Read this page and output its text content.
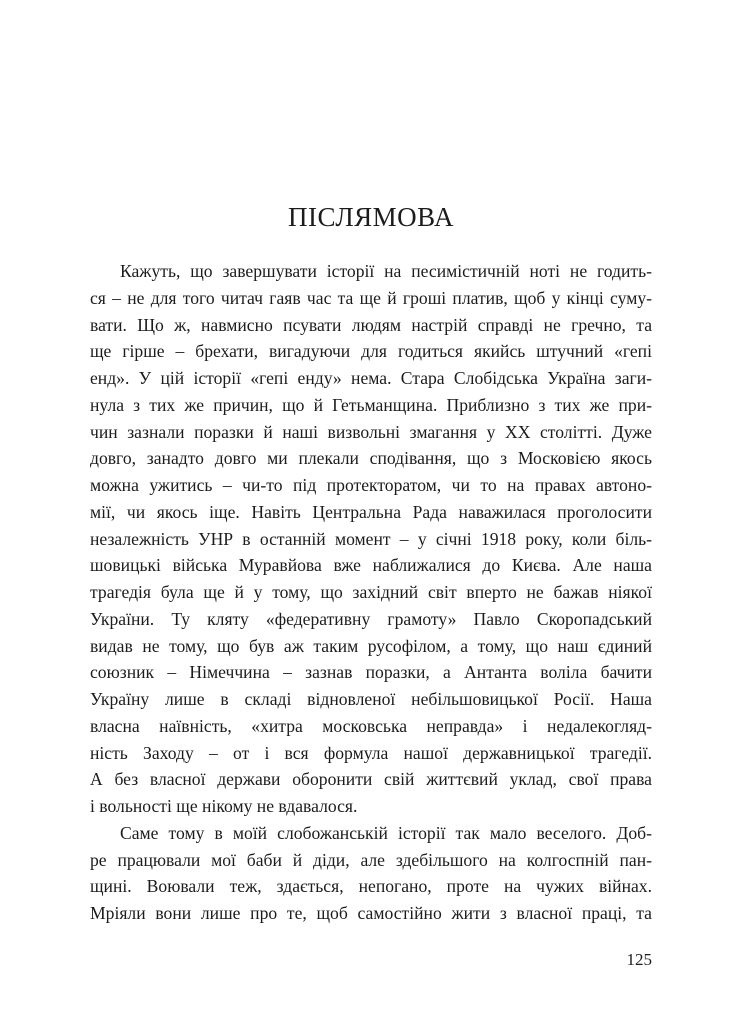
ПІСЛЯМОВА
Кажуть, що завершувати історії на песимістичній ноті не годить-
ся – не для того читач гаяв час та ще й гроші платив, щоб у кінці суму-
вати. Що ж, навмисно псувати людям настрій справді не гречно, та
ще гірше – брехати, вигадуючи для годиться якийсь штучний «гепі
енд». У цій історії «гепі енду» нема. Стара Слобідська Україна заги-
нула з тих же причин, що й Гетьманщина. Приблизно з тих же при-
чин зазнали поразки й наші визвольні змагання у ХХ столітті. Дуже
довго, занадто довго ми плекали сподівання, що з Московією якось
можна ужитись – чи-то під протекторатом, чи то на правах автоно-
мії, чи якось іще. Навіть Центральна Рада наважилася проголосити
незалежність УНР в останній момент – у січні 1918 року, коли біль-
шовицькі війська Муравйова вже наближалися до Києва. Але наша
трагедія була ще й у тому, що західний світ вперто не бажав ніякої
України. Ту кляту «федеративну грамоту» Павло Скоропадський
видав не тому, що був аж таким русофілом, а тому, що наш єдиний
союзник – Німеччина – зазнав поразки, а Антанта воліла бачити
Україну лише в складі відновленої небільшовицької Росії. Наша
власна наївність, «хитра московська неправда» і недалекогляд-
ність Заходу – от і вся формула нашої державницької трагедії.
А без власної держави оборонити свій життєвий уклад, свої права
і вольності ще нікому не вдавалося.
Саме тому в моїй слобожанській історії так мало веселого. Доб-
ре працювали мої баби й діди, але здебільшого на колгоспній пан-
щині. Воювали теж, здається, непогано, проте на чужих війнах.
Мріяли вони лише про те, щоб самостійно жити з власної праці, та
125
